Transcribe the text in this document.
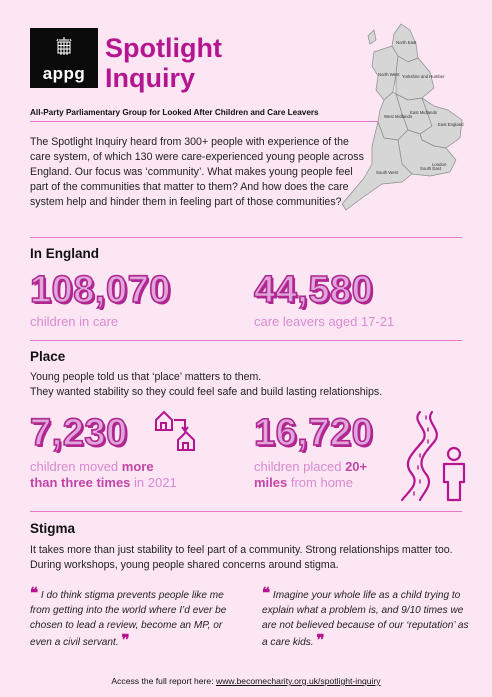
appg
Spotlight
Inquiry
All-Party Parliamentary Group for Looked After Children and Care Leavers
The Spotlight Inquiry heard from 300+ people with experience of the care system, of which 130 were care-experienced young people across England. Our focus was ‘community’. What makes young people feel part of the communities that matter to them? And how does the care system help and hinder them in feeling part of those communities?
North East
Yorkshire and Humber
North West
East Midlands
West Midlands
East England
London
South East
South West
In England
108,070
children in care
44,580
care leavers aged 17-21
Place
Young people told us that ‘place’ matters to them.
They wanted stability so they could feel safe and build lasting relationships.
7,230
children moved more
than three times in 2021
16,720
children placed 20+
miles from home
Stigma
It takes more than just stability to feel part of a community. Strong relationships matter too. During workshops, young people shared concerns around stigma.
❝ I do think stigma prevents people like me from getting into the world where I’d ever be chosen to lead a review, become an MP, or even a civil servant. ❞
❝ Imagine your whole life as a child trying to explain what a problem is, and 9/10 times we are not believed because of our ‘reputation’ as a care kids. ❞
Access the full report here: www.becomecharity.org.uk/spotlight-inquiry
